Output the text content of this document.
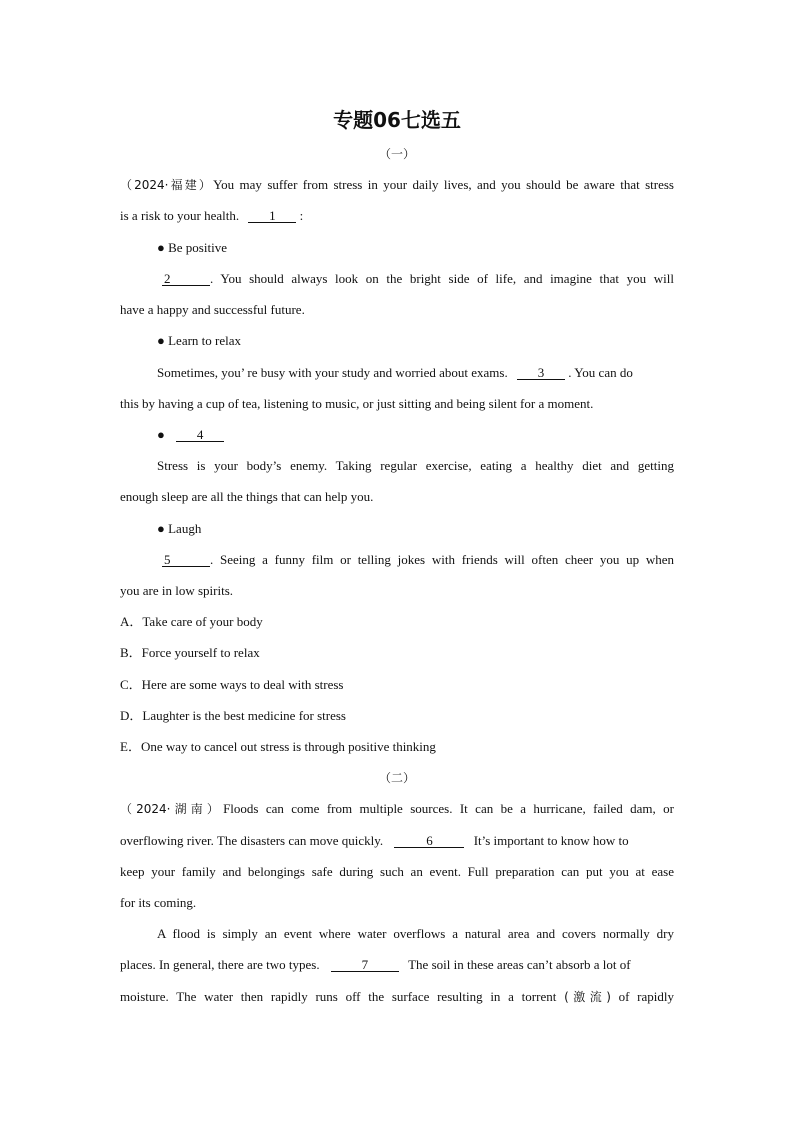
专题06七选五
（一）
（2024·福建）You may suffer from stress in your daily lives, and you should be aware that stress
is a risk to your health. 1 :
● Be positive
2	. You should always look on the bright side of life, and imagine that you will
have a happy and successful future.
● Learn to relax
Sometimes, you’ re busy with your study and worried about exams. 3 . You can do
this by having a cup of tea, listening to music, or just sitting and being silent for a moment.
● 4
Stress is your body’s enemy. Taking regular exercise, eating a healthy diet and getting
enough sleep are all the things that can help you.
● Laugh
5	. Seeing a funny film or telling jokes with friends will often cheer you up when
you are in low spirits.
A．Take care of your body
B．Force yourself to relax
C．Here are some ways to deal with stress
D．Laughter is the best medicine for stress
E．One way to cancel out stress is through positive thinking
（二）
（2024·湖南）Floods can come from multiple sources. It can be a hurricane, failed dam, or
overflowing river. The disasters can move quickly.	6	It’s important to know how to
keep your family and belongings safe during such an event. Full preparation can put you at ease
for its coming.
A flood is simply an event where water overflows a natural area and covers normally dry
places. In general, there are two types.	7	The soil in these areas can’t absorb a lot of
moisture. The water then rapidly runs off the surface resulting in a torrent (激流) of rapidly
